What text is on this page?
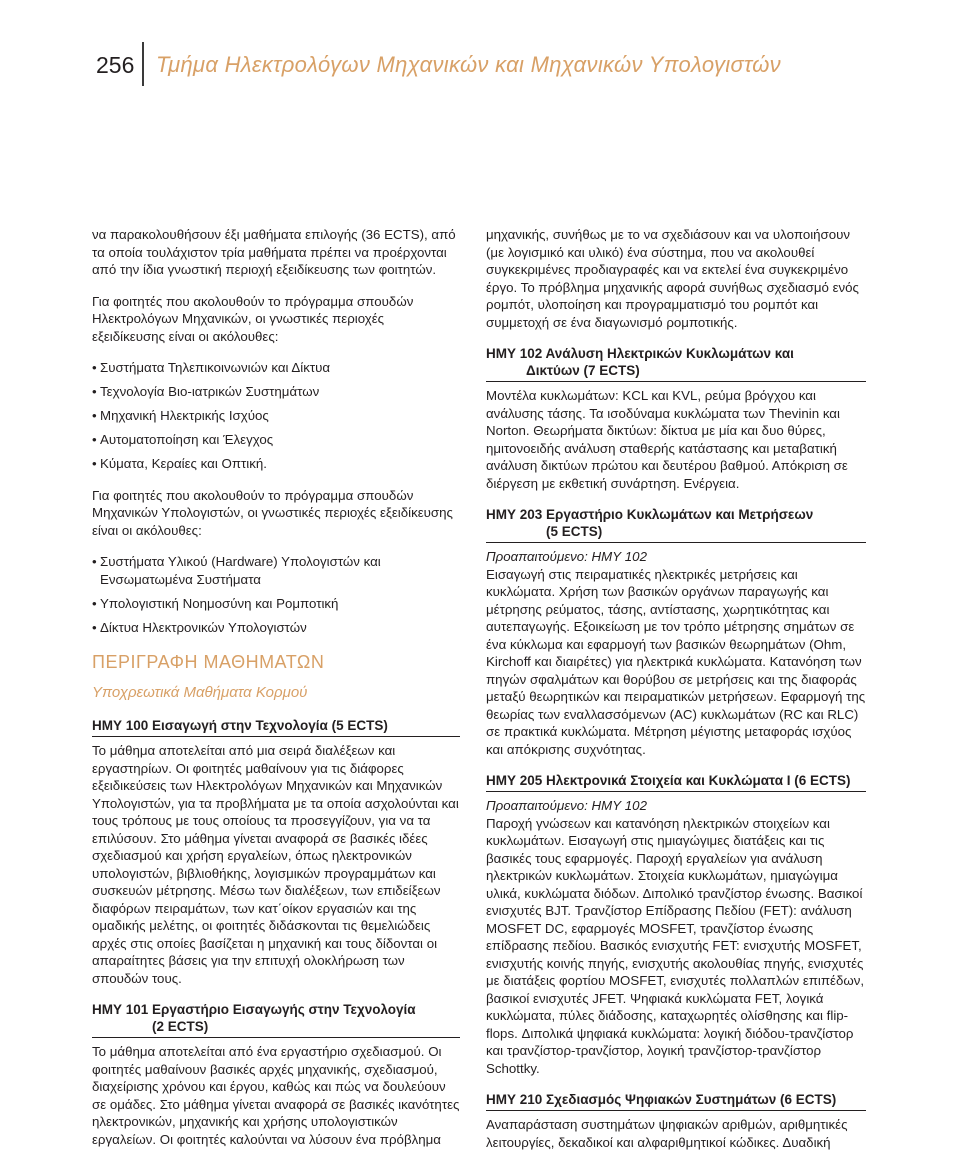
256 Τμήμα Ηλεκτρολόγων Μηχανικών και Μηχανικών Υπολογιστών

να παρακολουθήσουν έξι μαθήματα επιλογής (36 ECTS), από τα οποία τουλάχιστον τρία μαθήματα πρέπει να προέρχονται από την ίδια γνωστική περιοχή εξειδίκευσης των φοιτητών.

Για φοιτητές που ακολουθούν το πρόγραμμα σπουδών Ηλεκτρολόγων Μηχανικών, οι γνωστικές περιοχές εξειδίκευσης είναι οι ακόλουθες:

• Συστήματα Τηλεπικοινωνιών και Δίκτυα
• Τεχνολογία Βιο-ιατρικών Συστημάτων
• Μηχανική Ηλεκτρικής Ισχύος
• Αυτοματοποίηση και Έλεγχος
• Κύματα, Κεραίες και Οπτική.

Για φοιτητές που ακολουθούν το πρόγραμμα σπουδών Μηχανικών Υπολογιστών, οι γνωστικές περιοχές εξειδίκευσης είναι οι ακόλουθες:

• Συστήματα Υλικού (Hardware) Υπολογιστών και Ενσωματωμένα Συστήματα
• Υπολογιστική Νοημοσύνη και Ρομποτική
• Δίκτυα Ηλεκτρονικών Υπολογιστών
ΠΕΡΙΓΡΑΦΗ ΜΑΘΗΜΑΤΩΝ
Υποχρεωτικά Μαθήματα Κορμού

ΗΜΥ 100 Εισαγωγή στην Τεχνολογία (5 ECTS)

Το μάθημα αποτελείται από μια σειρά διαλέξεων και εργαστηρίων. Οι φοιτητές μαθαίνουν για τις διάφορες εξειδικεύσεις των Ηλεκτρολόγων Μηχανικών και Μηχανικών Υπολογιστών, για τα προβλήματα με τα οποία ασχολούνται και τους τρόπους με τους οποίους τα προσεγγίζουν, για να τα επιλύσουν. Στο μάθημα γίνεται αναφορά σε βασικές ιδέες σχεδιασμού και χρήση εργαλείων, όπως ηλεκτρονικών υπολογιστών, βιβλιοθήκης, λογισμικών προγραμμάτων και συσκευών μέτρησης. Μέσω των διαλέξεων, των επιδείξεων διαφόρων πειραμάτων, των κατ΄οίκον εργασιών και της ομαδικής μελέτης, οι φοιτητές διδάσκονται τις θεμελιώδεις αρχές στις οποίες βασίζεται η μηχανική και τους δίδονται οι απαραίτητες βάσεις για την επιτυχή ολοκλήρωση των σπουδών τους.

ΗΜΥ 101 Εργαστήριο Εισαγωγής στην Τεχνολογία
(2 ECTS)

Το μάθημα αποτελείται από ένα εργαστήριο σχεδιασμού. Οι φοιτητές μαθαίνουν βασικές αρχές μηχανικής, σχεδιασμού, διαχείρισης χρόνου και έργου, καθώς και πώς να δουλεύουν σε ομάδες. Στο μάθημα γίνεται αναφορά σε βασικές ικανότητες ηλεκτρονικών, μηχανικής και χρήσης υπολογιστικών εργαλείων. Οι φοιτητές καλούνται να λύσουν ένα πρόβλημα

μηχανικής, συνήθως με το να σχεδιάσουν και να υλοποιήσουν (με λογισμικό και υλικό) ένα σύστημα, που να ακολουθεί συγκεκριμένες προδιαγραφές και να εκτελεί ένα συγκεκριμένο έργο. Το πρόβλημα μηχανικής αφορά συνήθως σχεδιασμό ενός ρομπότ, υλοποίηση και προγραμματισμό του ρομπότ και συμμετοχή σε ένα διαγωνισμό ρομποτικής.

ΗΜΥ 102 Ανάλυση Ηλεκτρικών Κυκλωμάτων και
Δικτύων (7 ECTS)

Μοντέλα κυκλωμάτων: KCL και KVL, ρεύμα βρόγχου και ανάλυσης τάσης. Τα ισοδύναμα κυκλώματα των Thevinin και Norton. Θεωρήματα δικτύων: δίκτυα με μία και δυο θύρες, ημιτονοειδής ανάλυση σταθερής κατάστασης και μεταβατική ανάλυση δικτύων πρώτου και δευτέρου βαθμού. Απόκριση σε διέργεση με εκθετική συνάρτηση. Ενέργεια.

ΗΜΥ 203 Εργαστήριο Κυκλωμάτων και Μετρήσεων
(5 ECTS)

Προαπαιτούμενο: ΗΜΥ 102

Εισαγωγή στις πειραματικές ηλεκτρικές μετρήσεις και κυκλώματα. Χρήση των βασικών οργάνων παραγωγής και μέτρησης ρεύματος, τάσης, αντίστασης, χωρητικότητας και αυτεπαγωγής. Εξοικείωση με τον τρόπο μέτρησης σημάτων σε ένα κύκλωμα και εφαρμογή των βασικών θεωρημάτων (Ohm, Kirchoff και διαιρέτες) για ηλεκτρικά κυκλώματα. Κατανόηση των πηγών σφαλμάτων και θορύβου σε μετρήσεις και της διαφοράς μεταξύ θεωρητικών και πειραματικών μετρήσεων. Εφαρμογή της θεωρίας των εναλλασσόμενων (AC) κυκλωμάτων (RC και RLC) σε πρακτικά κυκλώματα. Μέτρηση μέγιστης μεταφοράς ισχύος και απόκρισης συχνότητας.

ΗΜΥ 205 Ηλεκτρονικά Στοιχεία και Κυκλώματα Ι (6 ECTS)

Προαπαιτούμενο: ΗΜΥ 102

Παροχή γνώσεων και κατανόηση ηλεκτρικών στοιχείων και κυκλωμάτων. Εισαγωγή στις ημιαγώγιμες διατάξεις και τις βασικές τους εφαρμογές. Παροχή εργαλείων για ανάλυση ηλεκτρικών κυκλωμάτων. Στοιχεία κυκλωμάτων, ημιαγώγιμα υλικά, κυκλώματα διόδων. Διπολικό τρανζίστορ ένωσης. Βασικοί ενισχυτές BJT. Τρανζίστορ Επίδρασης Πεδίου (FET): ανάλυση MOSFET DC, εφαρμογές MOSFET, τρανζίστορ ένωσης επίδρασης πεδίου. Βασικός ενισχυτής FET: ενισχυτής MOSFET, ενισχυτής κοινής πηγής, ενισχυτής ακολουθίας πηγής, ενισχυτές με διατάξεις φορτίου MOSFET, ενισχυτές πολλαπλών επιπέδων, βασικοί ενισχυτές JFET. Ψηφιακά κυκλώματα FET, λογικά κυκλώματα, πύλες διάδοσης, καταχωρητές ολίσθησης και flip-flops. Διπολικά ψηφιακά κυκλώματα: λογική διόδου-τρανζίστορ και τρανζίστορ-τρανζίστορ, λογική τρανζίστορ-τρανζίστορ Schottky.

ΗΜΥ 210 Σχεδιασμός Ψηφιακών Συστημάτων (6 ECTS)

Αναπαράσταση συστημάτων ψηφιακών αριθμών, αριθμητικές λειτουργίες, δεκαδικοί και αλφαριθμητικοί κώδικες. Δυαδική
